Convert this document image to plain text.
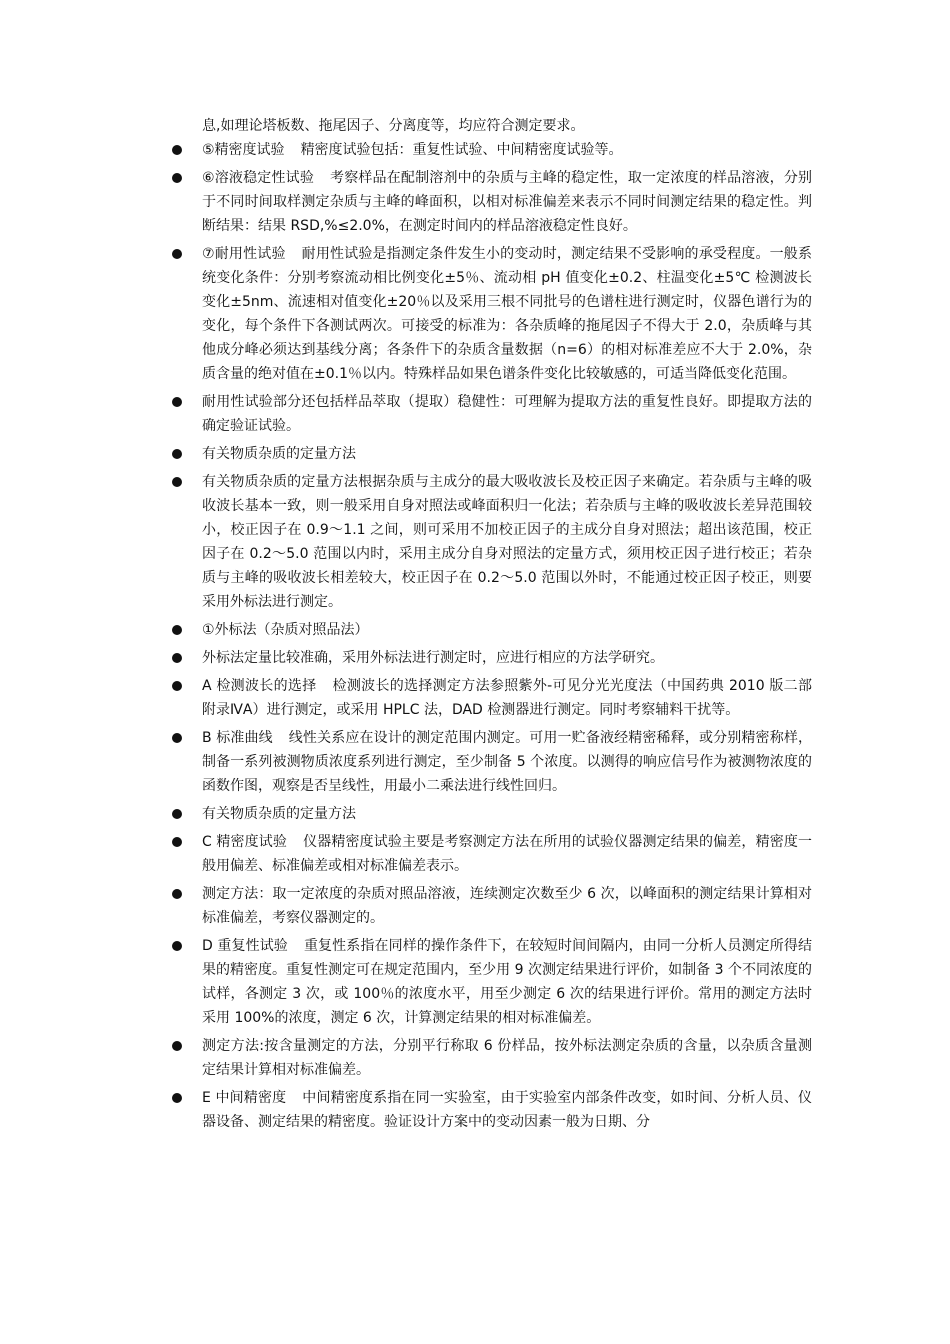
息,如理论塔板数、拖尾因子、分离度等，均应符合测定要求。

⑤精密度试验 精密度试验包括：重复性试验、中间精密度试验等。
⑥溶液稳定性试验 考察样品在配制溶剂中的杂质与主峰的稳定性，取一定浓度的样品溶液，分别于不同时间取样测定杂质与主峰的峰面积，以相对标准偏差来表示不同时间测定结果的稳定性。判断结果：结果 RSD,%≤2.0%，在测定时间内的样品溶液稳定性良好。
⑦耐用性试验 耐用性试验是指测定条件发生小的变动时，测定结果不受影响的承受程度。一般系统变化条件：分别考察流动相比例变化±5％、流动相 pH 值变化±0.2、柱温变化±5℃ 检测波长变化±5nm、流速相对值变化±20％以及采用三根不同批号的色谱柱进行测定时，仪器色谱行为的变化，每个条件下各测试两次。可接受的标准为：各杂质峰的拖尾因子不得大于 2.0，杂质峰与其他成分峰必须达到基线分离；各条件下的杂质含量数据（n=6）的相对标准差应不大于 2.0%，杂质含量的绝对值在±0.1％以内。特殊样品如果色谱条件变化比较敏感的，可适当降低变化范围。
耐用性试验部分还包括样品萃取（提取）稳健性：可理解为提取方法的重复性良好。即提取方法的确定验证试验。
有关物质杂质的定量方法
有关物质杂质的定量方法根据杂质与主成分的最大吸收波长及校正因子来确定。若杂质与主峰的吸收波长基本一致，则一般采用自身对照法或峰面积归一化法；若杂质与主峰的吸收波长差异范围较小，校正因子在 0.9～1.1 之间，则可采用不加校正因子的主成分自身对照法；超出该范围，校正因子在 0.2～5.0 范围以内时，采用主成分自身对照法的定量方式，须用校正因子进行校正；若杂质与主峰的吸收波长相差较大，校正因子在 0.2～5.0 范围以外时，不能通过校正因子校正，则要采用外标法进行测定。
①外标法（杂质对照品法）
外标法定量比较准确，采用外标法进行测定时，应进行相应的方法学研究。
A 检测波长的选择 检测波长的选择测定方法参照紫外-可见分光光度法（中国药典 2010 版二部附录ⅣA）进行测定，或采用 HPLC 法，DAD 检测器进行测定。同时考察辅料干扰等。
B 标准曲线 线性关系应在设计的测定范围内测定。可用一贮备液经精密稀释，或分别精密称样，制备一系列被测物质浓度系列进行测定，至少制备 5 个浓度。以测得的响应信号作为被测物浓度的函数作图，观察是否呈线性，用最小二乘法进行线性回归。
有关物质杂质的定量方法
C 精密度试验 仪器精密度试验主要是考察测定方法在所用的试验仪器测定结果的偏差，精密度一般用偏差、标准偏差或相对标准偏差表示。
测定方法：取一定浓度的杂质对照品溶液，连续测定次数至少 6 次，以峰面积的测定结果计算相对标准偏差，考察仪器测定的。
D 重复性试验 重复性系指在同样的操作条件下，在较短时间间隔内，由同一分析人员测定所得结果的精密度。重复性测定可在规定范围内，至少用 9 次测定结果进行评价，如制备 3 个不同浓度的试样，各测定 3 次，或 100％的浓度水平，用至少测定 6 次的结果进行评价。常用的测定方法时采用 100%的浓度，测定 6 次，计算测定结果的相对标准偏差。
测定方法:按含量测定的方法，分别平行称取 6 份样品，按外标法测定杂质的含量，以杂质含量测定结果计算相对标准偏差。
E 中间精密度 中间精密度系指在同一实验室，由于实验室内部条件改变，如时间、分析人员、仪器设备、测定结果的精密度。验证设计方案中的变动因素一般为日期、分
